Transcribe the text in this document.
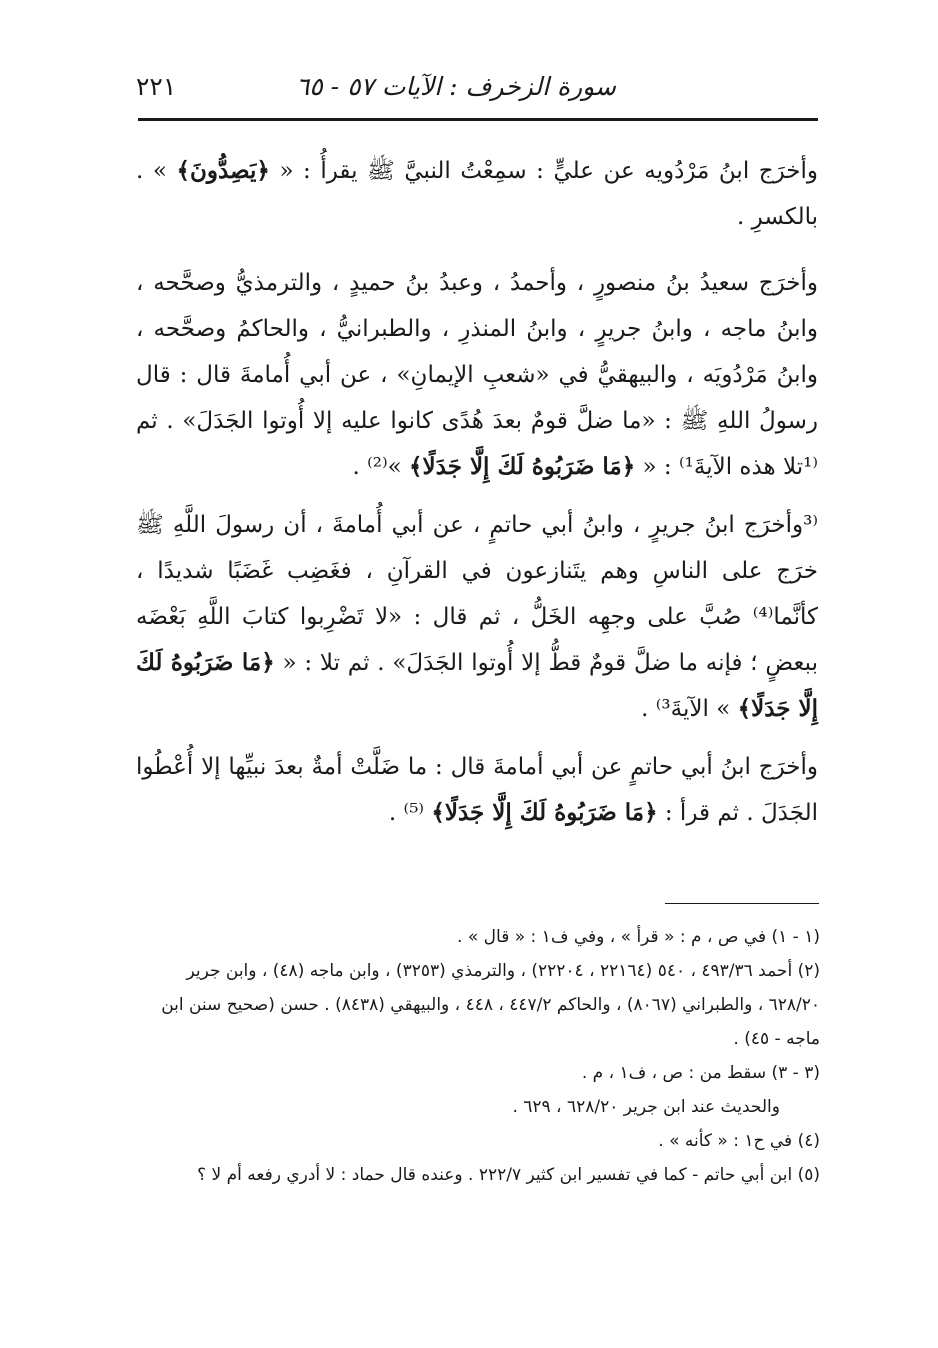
سورة الزخرف : الآيات ٥٧ - ٦٥
٢٢١

وأخرَج ابنُ مَرْدُويه عن عليٍّ : سمِعْتُ النبيَّ ﷺ يقرأُ : « ﴿يَصِدُّونَ﴾ » . بالكسرِ .

وأخرَج سعيدُ بنُ منصورٍ ، وأحمدُ ، وعبدُ بنُ حميدٍ ، والترمذيُّ وصحَّحه ، وابنُ ماجه ، وابنُ جريرٍ ، وابنُ المنذرِ ، والطبرانيُّ ، والحاكمُ وصحَّحه ، وابنُ مَرْدُويَه ، والبيهقيُّ في «شعبِ الإيمانِ» ، عن أبي أُمامةَ قال : قال رسولُ اللهِ ﷺ : «ما ضلَّ قومٌ بعدَ هُدًى كانوا عليه إلا أُوتوا الجَدَلَ» . ثم ⁽¹تلا هذه الآيةَ¹⁾ : « ﴿مَا ضَرَبُوهُ لَكَ إِلَّا جَدَلًا﴾ »⁽²⁾ .

⁽³وأخرَج ابنُ جريرٍ ، وابنُ أبي حاتمٍ ، عن أبي أُمامةَ ، أن رسولَ اللَّهِ ﷺ خرَج على الناسِ وهم يتَنازعون في القرآنِ ، فغَضِب غَضَبًا شديدًا ، كأنَّما⁽⁴⁾ صُبَّ على وجهِه الخَلُّ ، ثم قال : «لا تَضْرِبوا كتابَ اللَّهِ بَعْضَه ببعضٍ ؛ فإنه ما ضلَّ قومٌ قطُّ إلا أُوتوا الجَدَلَ» . ثم تلا : « ﴿مَا ضَرَبُوهُ لَكَ إِلَّا جَدَلًا﴾ » الآيةَ³⁾ .

وأخرَج ابنُ أبي حاتمٍ عن أبي أمامةَ قال : ما ضَلَّتْ أمةٌ بعدَ نبيِّها إلا أُعْطُوا الجَدَلَ . ثم قرأ : ﴿مَا ضَرَبُوهُ لَكَ إِلَّا جَدَلًا﴾ ⁽⁵⁾ .

(١ - ١) في ص ، م : « قرأ » ، وفي ف١ : « قال » .

(٢) أحمد ٤٩٣/٣٦ ، ٥٤٠ (٢٢١٦٤ ، ٢٢٢٠٤) ، والترمذي (٣٢٥٣) ، وابن ماجه (٤٨) ، وابن جرير ٦٢٨/٢٠ ، والطبراني (٨٠٦٧) ، والحاكم ٤٤٧/٢ ، ٤٤٨ ، والبيهقي (٨٤٣٨) . حسن (صحيح سنن ابن ماجه - ٤٥) .

(٣ - ٣) سقط من : ص ، ف١ ، م .

والحديث عند ابن جرير ٦٢٨/٢٠ ، ٦٢٩ .

(٤) في ح١ : « كأنه » .

(٥) ابن أبي حاتم - كما في تفسير ابن كثير ٢٢٢/٧ . وعنده قال حماد : لا أدري رفعه أم لا ؟
